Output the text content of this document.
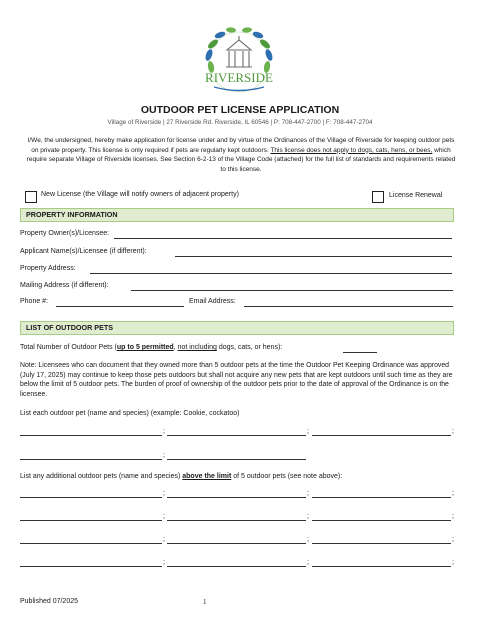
RIVERSIDE
OUTDOOR PET LICENSE APPLICATION
Village of Riverside | 27 Riverside Rd. Riverside, IL 60546 | P: 708-447-2700 | F: 708-447-2704
I/We, the undersigned, hereby make application for license under and by virtue of the Ordinances of the Village of Riverside for keeping outdoor pets on private property. This license is only required if pets are regularly kept outdoors. This license does not apply to dogs, cats, hens, or bees, which require separate Village of Riverside licenses. See Section 6-2-13 of the Village Code (attached) for the full list of standards and requirements related to this license.
New License (the Village will notify owners of adjacent property)	License Renewal
PROPERTY INFORMATION
Property Owner(s)/Licensee:
Applicant Name(s)/Licensee (if different):
Property Address:
Mailing Address (if different):
Phone #:	Email Address:
LIST OF OUTDOOR PETS
Total Number of Outdoor Pets (up to 5 permitted, not including dogs, cats, or hens):
Note: Licensees who can document that they owned more than 5 outdoor pets at the time the Outdoor Pet Keeping Ordinance was approved (July 17, 2025) may continue to keep those pets outdoors but shall not acquire any new pets that are kept outdoors until such time as they are below the limit of 5 outdoor pets. The burden of proof of ownership of the outdoor pets prior to the date of approval of the Ordinance is on the licensee.
List each outdoor pet (name and species) (example: Cookie, cockatoo)
;	;	;
;
List any additional outdoor pets (name and species) above the limit of 5 outdoor pets (see note above):
;	;	;
;	;	;
;	;	;
;	;	;
Published 07/2025	1
